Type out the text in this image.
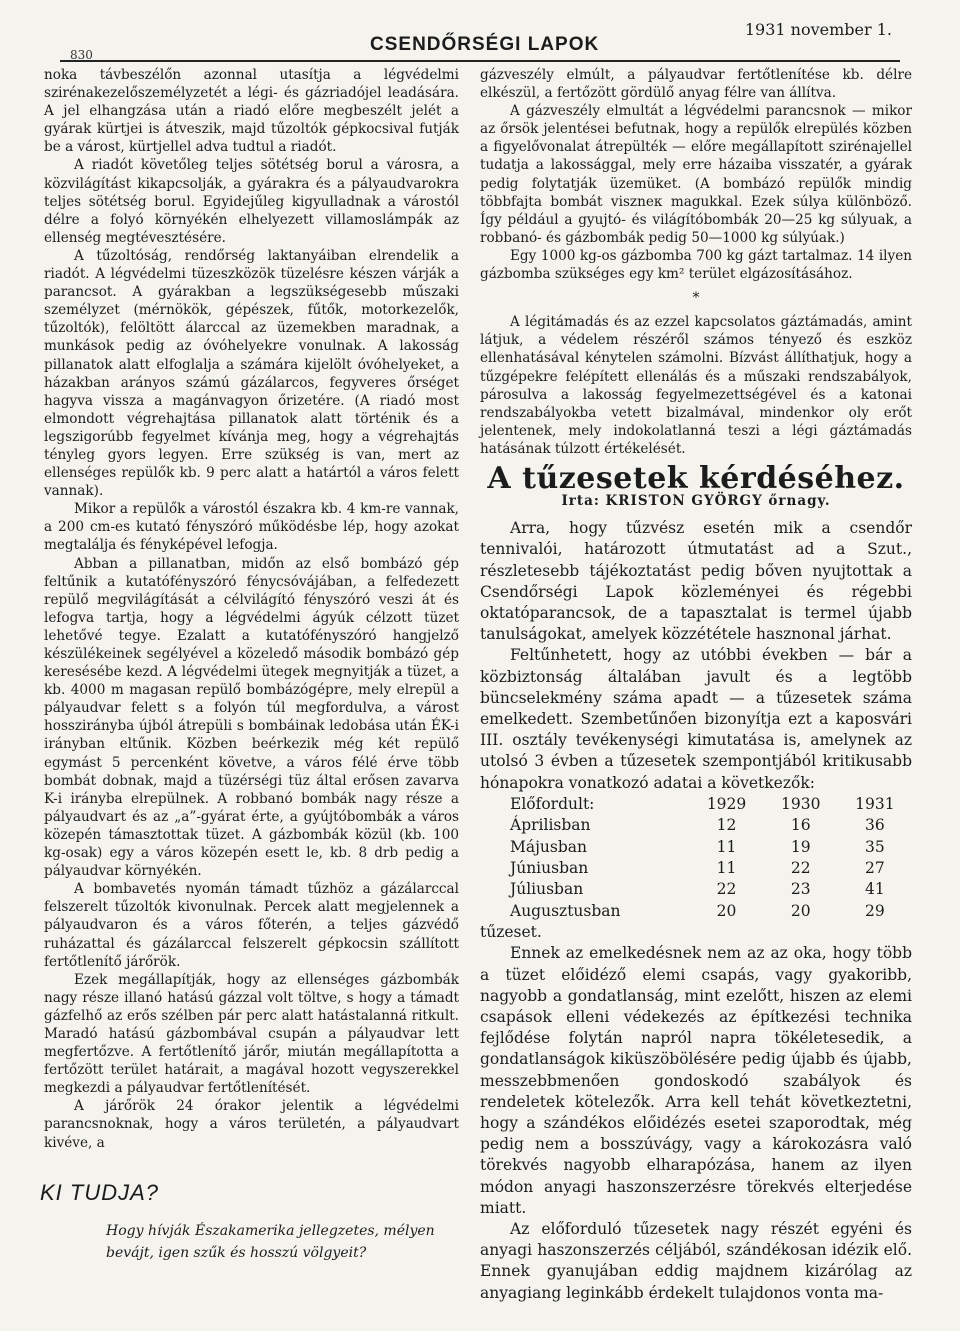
830	CSENDŐRSÉGI LAPOK
1931 november 1.

noka távbeszélőn azonnal utasítja a légvédelmi szirénakezelőszemélyzetét a légi- és gázriadójel leadására. A jel elhangzása után a riadó előre megbeszélt jelét a gyárak kürtjei is átveszik, majd tűzoltók gépkocsival futják be a várost, kürtjellel adva tudtul a riadót.

A riadót követőleg teljes sötétség borul a városra, a közvilágítást kikapcsolják, a gyárakra és a pályaudvarokra teljes sötétség borul. Egyidejűleg kigyulladnak a várostól délre a folyó környékén elhelyezett villamoslámpák az ellenség megtévesztésére.

A tűzoltóság, rendőrség laktanyáiban elrendelik a riadót. A légvédelmi tüzeszközök tüzelésre készen várják a parancsot. A gyárakban a legszükségesebb műszaki személyzet (mérnökök, gépészek, fűtők, motorkezelők, tűzoltók), felöltött álarccal az üzemekben maradnak, a munkások pedig az óvóhelyekre vonulnak. A lakosság pillanatok alatt elfoglalja a számára kijelölt óvóhelyeket, a házakban arányos számú gázálarcos, fegyveres őrséget hagyva vissza a magánvagyon őrizetére. (A riadó most elmondott végrehajtása pillanatok alatt történik és a legszigorúbb fegyelmet kívánja meg, hogy a végrehajtás tényleg gyors legyen. Erre szükség is van, mert az ellenséges repülők kb. 9 perc alatt a határtól a város felett vannak).

Mikor a repülők a várostól északra kb. 4 km-re vannak, a 200 cm-es kutató fényszóró működésbe lép, hogy azokat megtalálja és fényképével lefogja.

Abban a pillanatban, midőn az első bombázó gép feltűnik a kutatófényszóró fénycsóvájában, a felfedezett repülő megvilágítását a célvilágító fényszóró veszi át és lefogva tartja, hogy a légvédelmi ágyúk célzott tüzet lehetővé tegye. Ezalatt a kutatófényszóró hangjelző készülékeinek segélyével a közeledő második bombázó gép keresésébe kezd. A légvédelmi ütegek megnyitják a tüzet, a kb. 4000 m magasan repülő bombázógépre, mely elrepül a pályaudvar felett s a folyón túl megfordulva, a várost hosszirányba újból átrepüli s bombáinak ledobása után ÉK-i irányban eltűnik. Közben beérkezik még két repülő egymást 5 percenként követve, a város félé érve több bombát dobnak, majd a tüzérségi tüz által erősen zavarva K-i irányba elrepülnek. A robbanó bombák nagy része a pályaudvart és az „a”-gyárat érte, a gyújtóbombák a város közepén támasztottak tüzet. A gázbombák közül (kb. 100 kg-osak) egy a város közepén esett le, kb. 8 drb pedig a pályaudvar környékén.

A bombavetés nyomán támadt tűzhöz a gázálarccal felszerelt tűzoltók kivonulnak. Percek alatt megjelennek a pályaudvaron és a város főterén, a teljes gázvédő ruházattal és gázálarccal felszerelt gépkocsin szállított fertőtlenítő járőrök.

Ezek megállapítják, hogy az ellenséges gázbombák nagy része illanó hatású gázzal volt töltve, s hogy a támadt gázfelhő az erős szélben pár perc alatt hatástalanná ritkult. Maradó hatású gázbombával csupán a pályaudvar lett megfertőzve. A fertőtlenítő járőr, miután megállapította a fertőzött terület határait, a magával hozott vegyszerekkel megkezdi a pályaudvar fertőtlenítését.

A járőrök 24 órakor jelentik a légvédelmi parancsnoknak, hogy a város területén, a pályaudvart kivéve, a

gázveszély elmúlt, a pályaudvar fertőtlenítése kb. délre elkészül, a fertőzött gördülő anyag félre van állítva.

A gázveszély elmultát a légvédelmi parancsnok — mikor az őrsök jelentései befutnak, hogy a repülők elrepülés közben a figyelővonalat átrepülték — előre megállapított szirénajellel tudatja a lakossággal, mely erre házaiba visszatér, a gyárak pedig folytatják üzemüket. (A bombázó repülők mindig többfajta bombát viszneк magukkal. Ezek súlya különböző. Így például a gyujtó- és világítóbombák 20—25 kg súlyuak, a robbanó- és gázbombák pedig 50—1000 kg súlyúak.)

Egy 1000 kg-os gázbomba 700 kg gázt tartalmaz. 14 ilyen gázbomba szükséges egy km² terület elgázosításához.

*

A légitámadás és az ezzel kapcsolatos gáztámadás, amint látjuk, a védelem részéről számos tényező és eszköz ellenhatásával kénytelen számolni. Bízvást állíthatjuk, hogy a tűzgépekre felépített ellenálás és a műszaki rendszabályok, párosulva a lakosság fegyelmezettségével és a katonai rendszabályokba vetett bizalmával, mindenkor oly erőt jelentenek, mely indokolatlanná teszi a légi gáztámadás hatásának túlzott értékelését.

A tűzesetek kérdéséhez.
Irta: KRISTON GYÖRGY őrnagy.

Arra, hogy tűzvész esetén mik a csendőr tennivalói, határozott útmutatást ad a Szut., részletesebb tájékoztatást pedig bőven nyujtottak a Csendőrségi Lapok közleményei és régebbi oktatóparancsok, de a tapasztalat is termel újabb tanulságokat, amelyek közzététele hasznonal járhat.

Feltűnhetett, hogy az utóbbi években — bár a közbiztonság általában javult és a legtöbb büncselekmény száma apadt — a tűzesetek száma emelkedett. Szembetűnően bizonyítja ezt a kaposvári III. osztály tevékenységi kimutatása is, amelynek az utolsó 3 évben a tűzesetek szempontjából kritikusabb hónapokra vonatkozó adatai a következők:

Előfordult:	1929	1930	1931
Áprilisban	12	16	36
Májusban	11	19	35
Júniusban	11	22	27
Júliusban	22	23	41
Augusztusban	20	20	29

tűzeset.

Ennek az emelkedésnek nem az az oka, hogy több a tüzet előidéző elemi csapás, vagy gyakoribb, nagyobb a gondatlanság, mint ezelőtt, hiszen az elemi csapások elleni védekezés az építkezési technika fejlődése folytán napról napra tökéletesedik, a gondatlanságok kiküszöbölésére pedig újabb és újabb, messzebbmenően gondoskodó szabályok és rendeletek kötelezők. Arra kell tehát következtetni, hogy a szándékos előidézés esetei szaporodtak, még pedig nem a bosszúvágy, vagy a károkozásra való törekvés nagyobb elharapózása, hanem az ilyen módon anyagi haszonszerzésre törekvés elterjedése miatt.

Az előforduló tűzesetek nagy részét egyéni és anyagi haszonszerzés céljából, szándékosan idézik elő. Ennek gyanujában eddig majdnem kizárólag az anyagiang leginkább érdekelt tulajdonos vonta ma-

KI TUDJA?
Hogy hívják Északamerika jellegzetes, mélyen bevájt, igen szűk és hosszú völgyeit?
